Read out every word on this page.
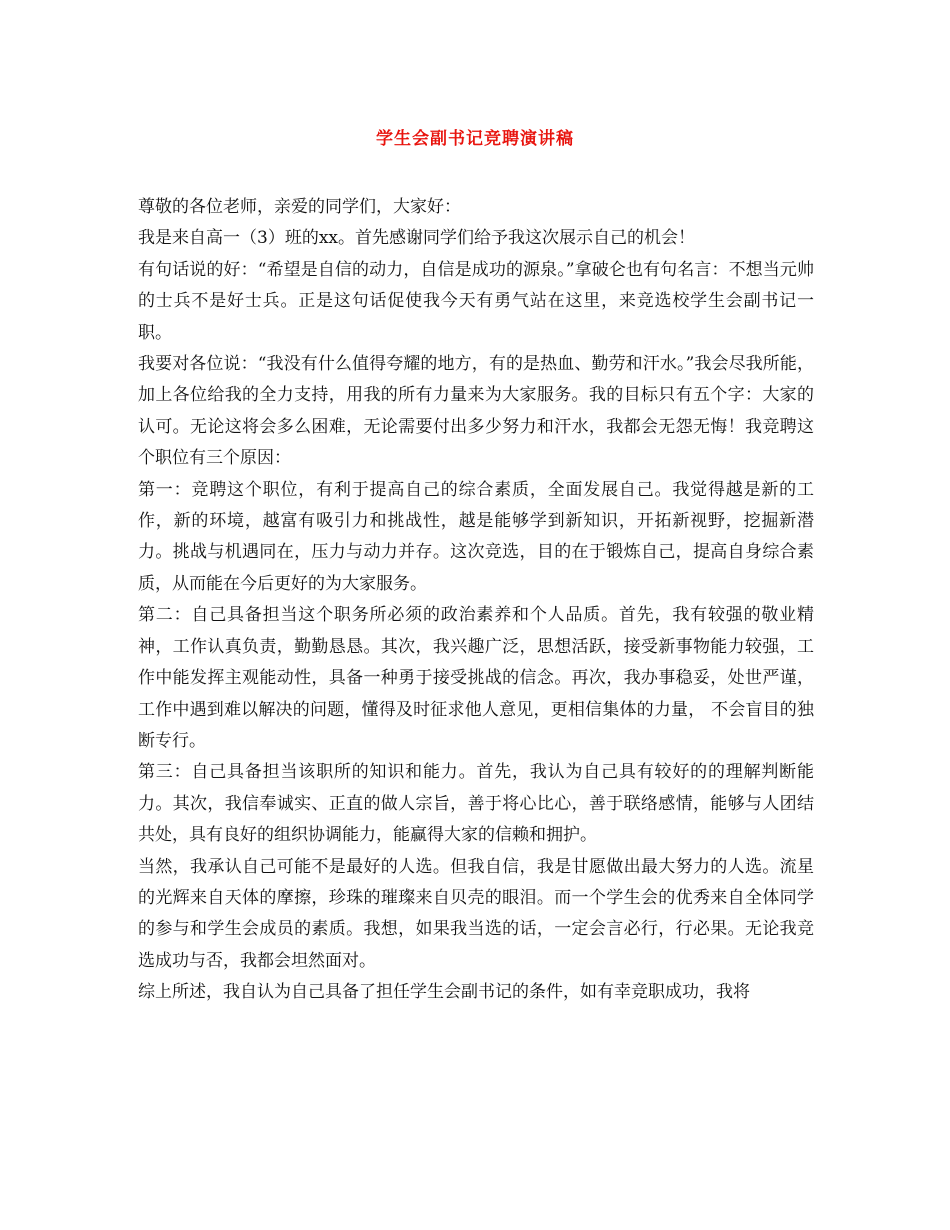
学生会副书记竞聘演讲稿

尊敬的各位老师，亲爱的同学们，大家好：

我是来自高一（3）班的xx。首先感谢同学们给予我这次展示自己的机会！

有句话说的好：“希望是自信的动力，自信是成功的源泉。”拿破仑也有句名言：不想当元帅的士兵不是好士兵。正是这句话促使我今天有勇气站在这里，来竞选校学生会副书记一职。

我要对各位说：“我没有什么值得夸耀的地方，有的是热血、勤劳和汗水。”我会尽我所能，加上各位给我的全力支持，用我的所有力量来为大家服务。我的目标只有五个字：大家的认可。无论这将会多么困难，无论需要付出多少努力和汗水，我都会无怨无悔！我竞聘这个职位有三个原因：

第一：竞聘这个职位，有利于提高自己的综合素质，全面发展自己。我觉得越是新的工作，新的环境，越富有吸引力和挑战性，越是能够学到新知识，开拓新视野，挖掘新潜力。挑战与机遇同在，压力与动力并存。这次竞选，目的在于锻炼自己，提高自身综合素质，从而能在今后更好的为大家服务。

第二：自己具备担当这个职务所必须的政治素养和个人品质。首先，我有较强的敬业精神，工作认真负责，勤勤恳恳。其次，我兴趣广泛，思想活跃，接受新事物能力较强，工作中能发挥主观能动性，具备一种勇于接受挑战的信念。再次，我办事稳妥，处世严谨，工作中遇到难以解决的问题，懂得及时征求他人意见，更相信集体的力量， 不会盲目的独断专行。

第三：自己具备担当该职所的知识和能力。首先，我认为自己具有较好的的理解判断能力。其次，我信奉诚实、正直的做人宗旨，善于将心比心，善于联络感情，能够与人团结共处，具有良好的组织协调能力，能赢得大家的信赖和拥护。

当然，我承认自己可能不是最好的人选。但我自信，我是甘愿做出最大努力的人选。流星的光辉来自天体的摩擦，珍珠的璀璨来自贝壳的眼泪。而一个学生会的优秀来自全体同学的参与和学生会成员的素质。我想，如果我当选的话，一定会言必行，行必果。无论我竞选成功与否，我都会坦然面对。

综上所述，我自认为自己具备了担任学生会副书记的条件，如有幸竞职成功，我将
